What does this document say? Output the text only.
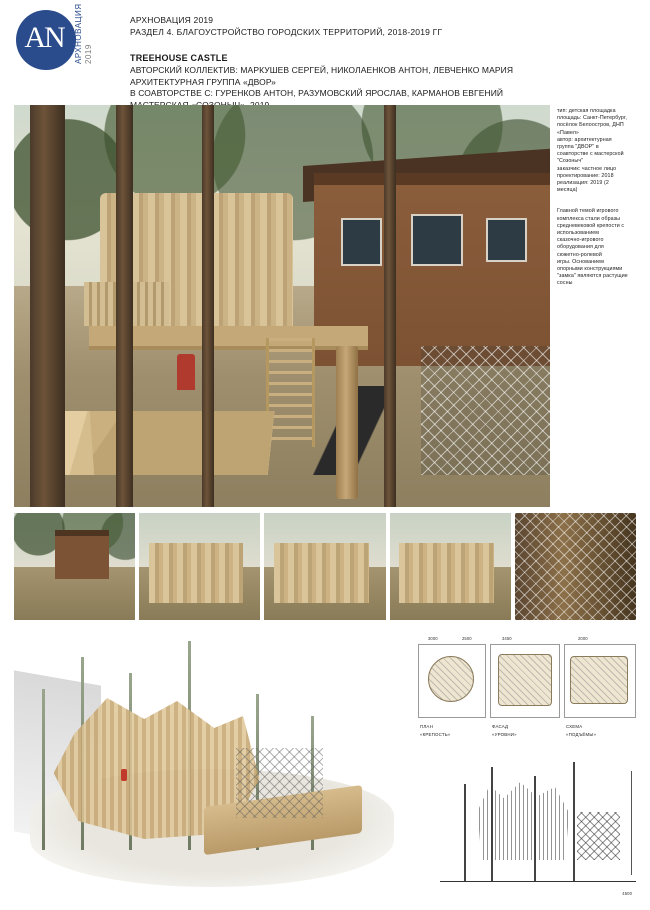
AN	АРХНОВАЦИЯ 2019
АРХНОВАЦИЯ 2019
РАЗДЕЛ 4. БЛАГОУСТРОЙСТВО ГОРОДСКИХ ТЕРРИТОРИЙ, 2018-2019 ГГ
TREEHOUSE CASTLE
АВТОРСКИЙ КОЛЛЕКТИВ: МАРКУШЕВ СЕРГЕЙ, НИКОЛАЕНКОВ АНТОН, ЛЕВЧЕНКО МАРИЯ
АРХИТЕКТУРНАЯ ГРУППА «ДВОР»
В СОАВТОРСТВЕ С: ГУРЕНКОВ АНТОН, РАЗУМОВСКИЙ ЯРОСЛАВ, КАРМАНОВ ЕВГЕНИЙ
тип: детская площадка
площадь: Санкт-Петербург,
посёлок Белоостров, ДНП
«Павел»
автор: архитектурная
группа "ДВОР" в
соавторстве с мастерской
"Созоныч"
заказчик: частное лицо
проектирование: 2018
реализация: 2019 (2
месяца)
Главной темой игрового
комплекса стали образы
средневековой крепости с
использованием
сказочно-игрового
оборудования для
сюжетно-ролевой
игры. Основанием
опорными конструкциями
"замка" являются растущие
сосны
3000	2500	3450	2000
ПЛАН
«КРЕПОСТЬ»
ФАСАД
«УРОВНИ»
СХЕМА
«ПОДЪЁМЫ»
4500
